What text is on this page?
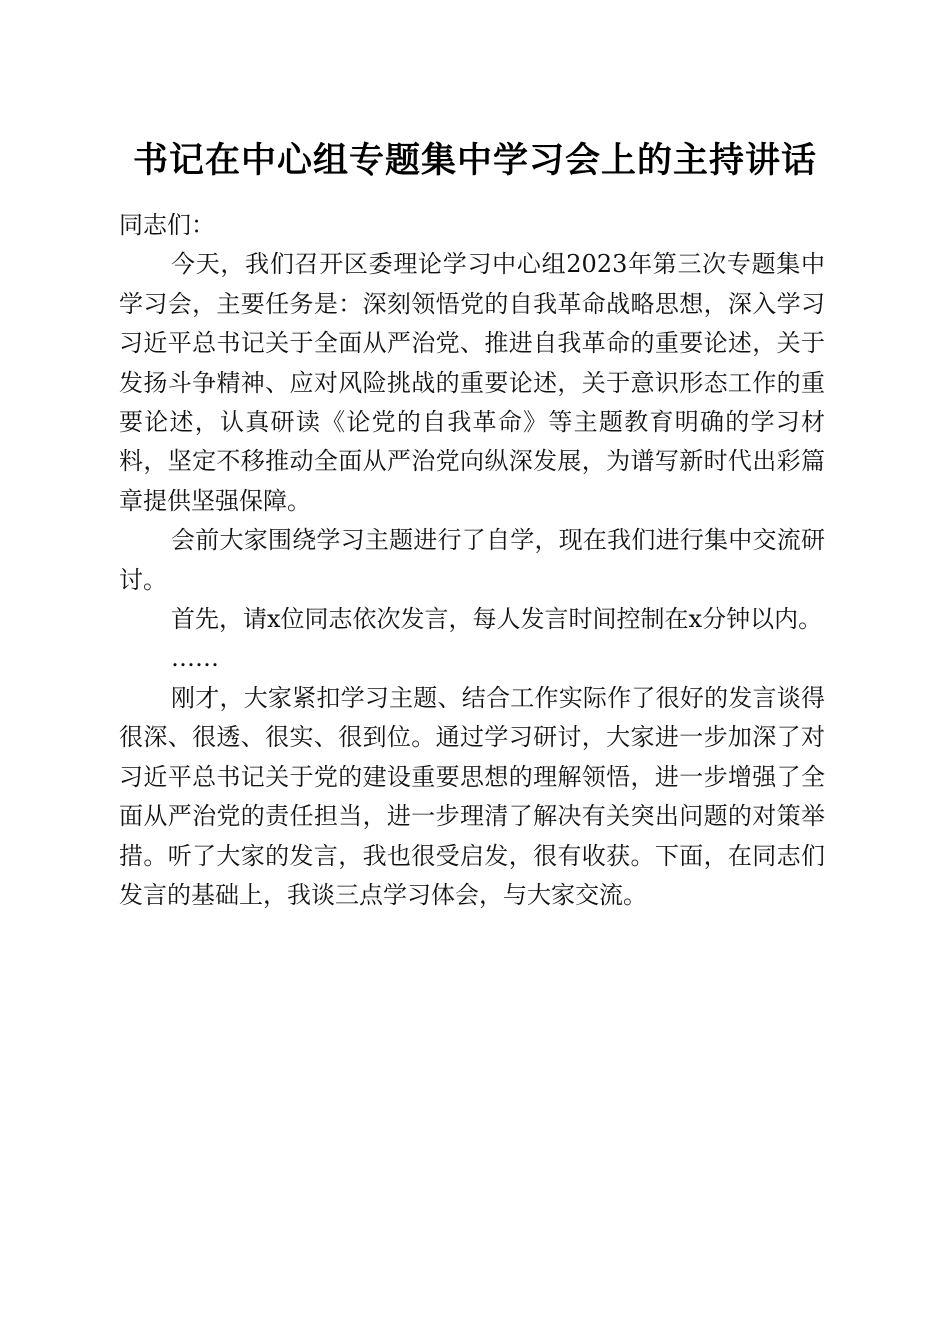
书记在中心组专题集中学习会上的主持讲话

同志们：

今天，我们召开区委理论学习中心组2023年第三次专题集中学习会，主要任务是：深刻领悟党的自我革命战略思想，深入学习习近平总书记关于全面从严治党、推进自我革命的重要论述，关于发扬斗争精神、应对风险挑战的重要论述，关于意识形态工作的重要论述，认真研读《论党的自我革命》等主题教育明确的学习材料，坚定不移推动全面从严治党向纵深发展，为谱写新时代出彩篇章提供坚强保障。

会前大家围绕学习主题进行了自学，现在我们进行集中交流研讨。

首先，请x位同志依次发言，每人发言时间控制在x分钟以内。

……

刚才，大家紧扣学习主题、结合工作实际作了很好的发言谈得很深、很透、很实、很到位。通过学习研讨，大家进一步加深了对习近平总书记关于党的建设重要思想的理解领悟，进一步增强了全面从严治党的责任担当，进一步理清了解决有关突出问题的对策举措。听了大家的发言，我也很受启发，很有收获。下面，在同志们发言的基础上，我谈三点学习体会，与大家交流。
